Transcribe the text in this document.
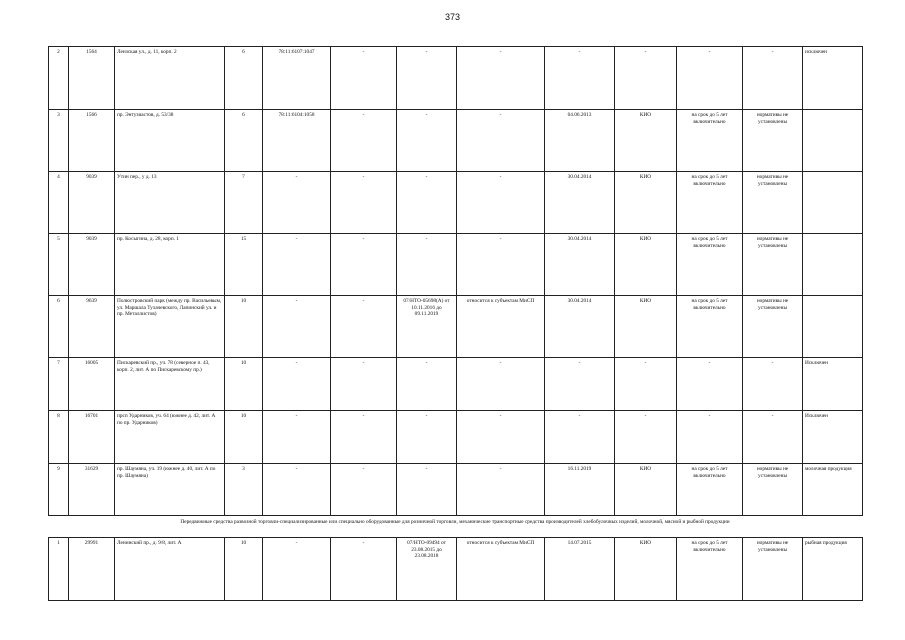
373
2	1564	Лензская ул., д. 11, корп. 2	6	78:11:6107:1047	-	-	-	-	-	-	-	исключен
3	1566	пр. Энтузиастов, д. 53/38	6	78:11:6104:1058	-	-	-	04.06.2013	КИО	на срок до 5 лет включительно	нормативы не установлены	
4	9039	Утин пер., у д. 13	7	-	-	-	-	30.04.2014	КИО	на срок до 5 лет включительно	нормативы не установлены	
5	9039	пр. Косыгина, д. 28, корп. 1	15	-	-	-	-	30.04.2014	КИО	на срок до 5 лет включительно	нормативы не установлены	
6	9639	Полюстровский парк (между пр. Васильевым, ул. Маршала Тухачевского, Лапинский ул. и пр. Металлистов)	10	-	-	07/НТО-05698(А) от 10.11.2016 до 09.11.2019	относится к субъектам МиСП	30.04.2014	КИО	на срок до 5 лет включительно	нормативы не установлены	
7	16005	Пискаревский пр., уч. 78 (северное п. 43, корп. 2, лит. А по Пискаревскому пр.)	10	-	-	-	-	-	-	-	-	Исключен
8	16701	прсп Ударников, уч. 64 (южнее д. 42, лит. А по пр. Ударников)	10	-	-	-	-	-	-	-	-	Исключен
9	31629	пр. Шаумяна, уч. 19 (южнее д. 40, лит. А по пр. Шаумяна)	3	-	-	-	-	16.11.2019	КИО	на срок до 5 лет включительно	нормативы не установлены	молочная продукция
Передвижные средства развозной торговли-специализированные или специально оборудованные для розничной торговли, механические транспортные средства производителей хлебобулочных изделий, молочной, мясной и рыбной продукции
1	29991	Ленинский пр., д. 9/8, лит. А	10	-	-	07/НТО-09494 от 23.08.2015 до 23.08.2018	относится к субъектам МиСП	14.07.2015	КИО	на срок до 5 лет включительно	нормативы не установлены	рыбная продукция
